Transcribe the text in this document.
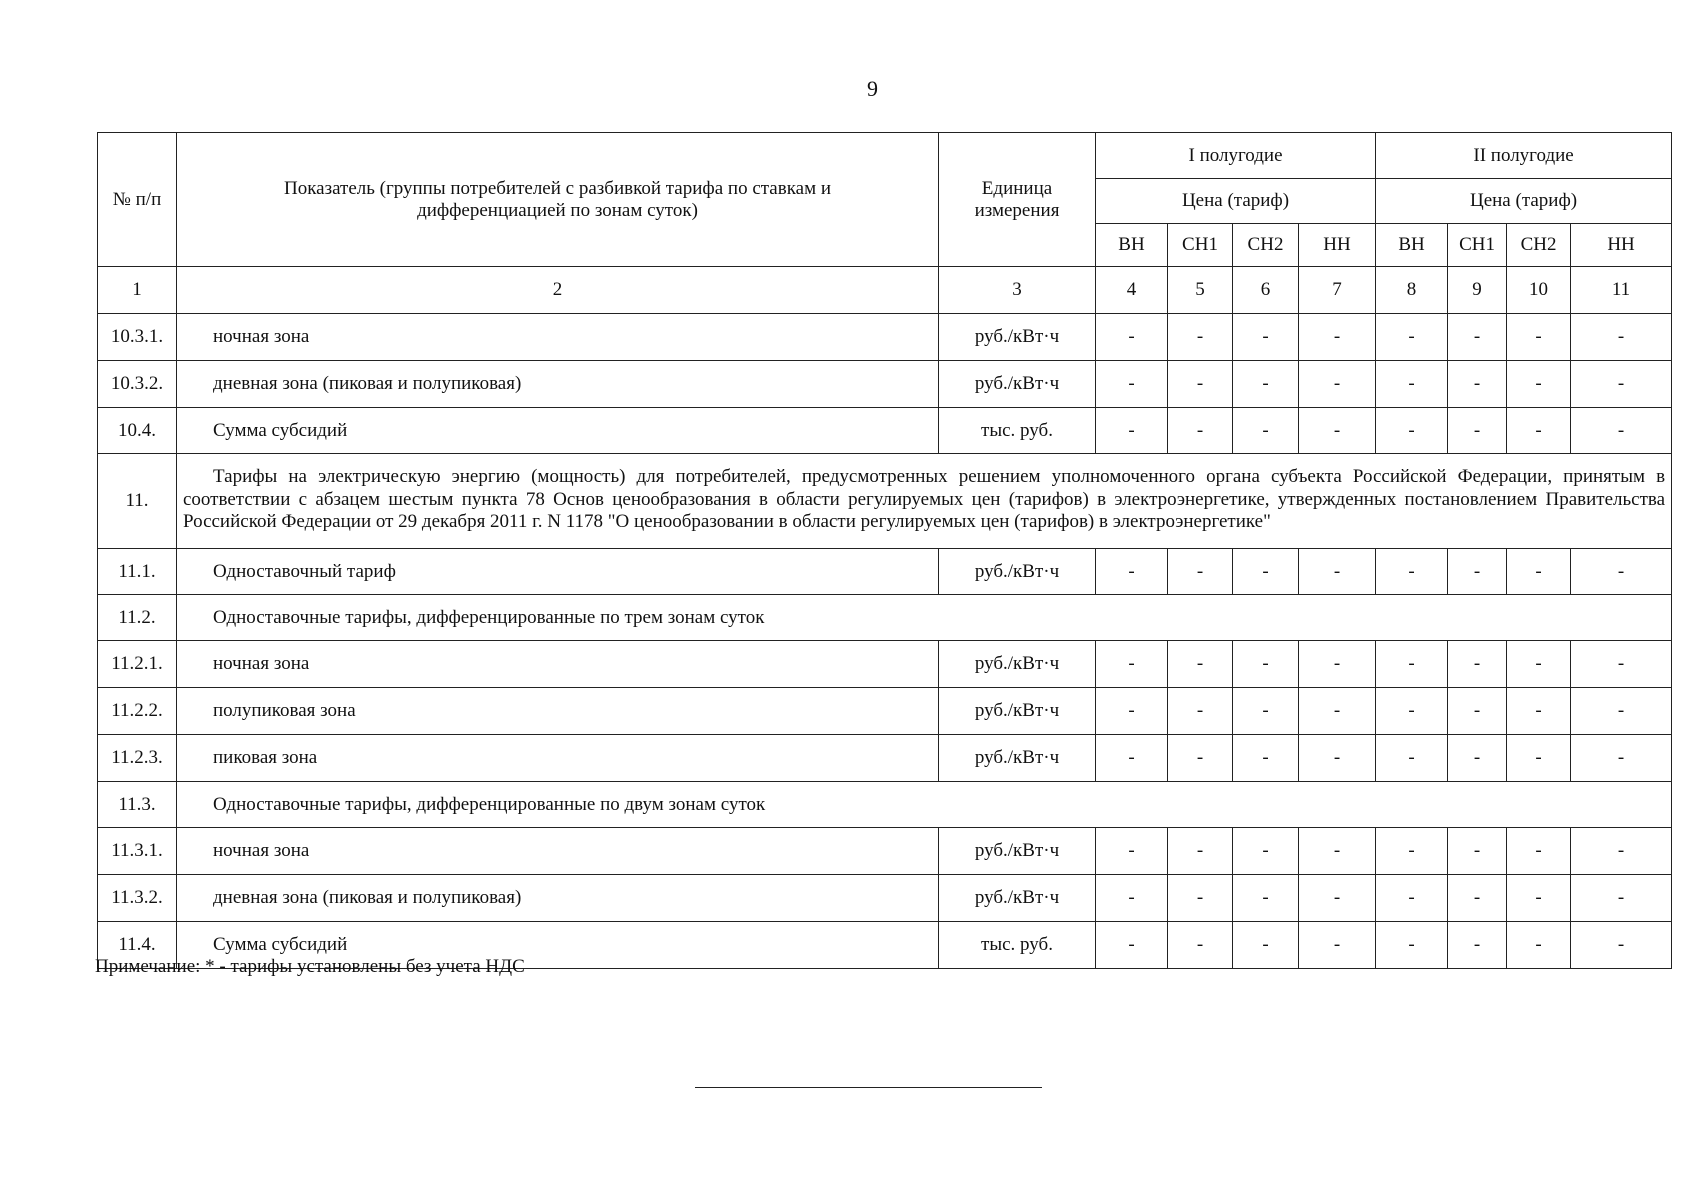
9
№ п/п	Показатель (группы потребителей с разбивкой тарифа по ставкам и дифференциацией по зонам суток)	Единица измерения	I полугодие				II полугодие			
			Цена (тариф)				Цена (тариф)			
			ВН	СН1	СН2	НН	ВН	СН1	СН2	НН
1	2	3	4	5	6	7	8	9	10	11
10.3.1.	ночная зона	руб./кВт·ч	-	-	-	-	-	-	-	-
10.3.2.	дневная зона (пиковая и полупиковая)	руб./кВт·ч	-	-	-	-	-	-	-	-
10.4.	Сумма субсидий	тыс. руб.	-	-	-	-	-	-	-	-
11.	Тарифы на электрическую энергию (мощность) для потребителей, предусмотренных решением уполномоченного органа субъекта Российской Федерации, принятым в соответствии с абзацем шестым пункта 78 Основ ценообразования в области регулируемых цен (тарифов) в электроэнергетике, утвержденных постановлением Правительства Российской Федерации от 29 декабря 2011 г. N 1178 "О ценообразовании в области регулируемых цен (тарифов) в электроэнергетике"									
11.1.	Одноставочный тариф	руб./кВт·ч	-	-	-	-	-	-	-	-
11.2.	Одноставочные тарифы, дифференцированные по трем зонам суток									
11.2.1.	ночная зона	руб./кВт·ч	-	-	-	-	-	-	-	-
11.2.2.	полупиковая зона	руб./кВт·ч	-	-	-	-	-	-	-	-
11.2.3.	пиковая зона	руб./кВт·ч	-	-	-	-	-	-	-	-
11.3.	Одноставочные тарифы, дифференцированные по двум зонам суток									
11.3.1.	ночная зона	руб./кВт·ч	-	-	-	-	-	-	-	-
11.3.2.	дневная зона (пиковая и полупиковая)	руб./кВт·ч	-	-	-	-	-	-	-	-
11.4.	Сумма субсидий	тыс. руб.	-	-	-	-	-	-	-	-
Примечание: * - тарифы установлены без учета НДС
